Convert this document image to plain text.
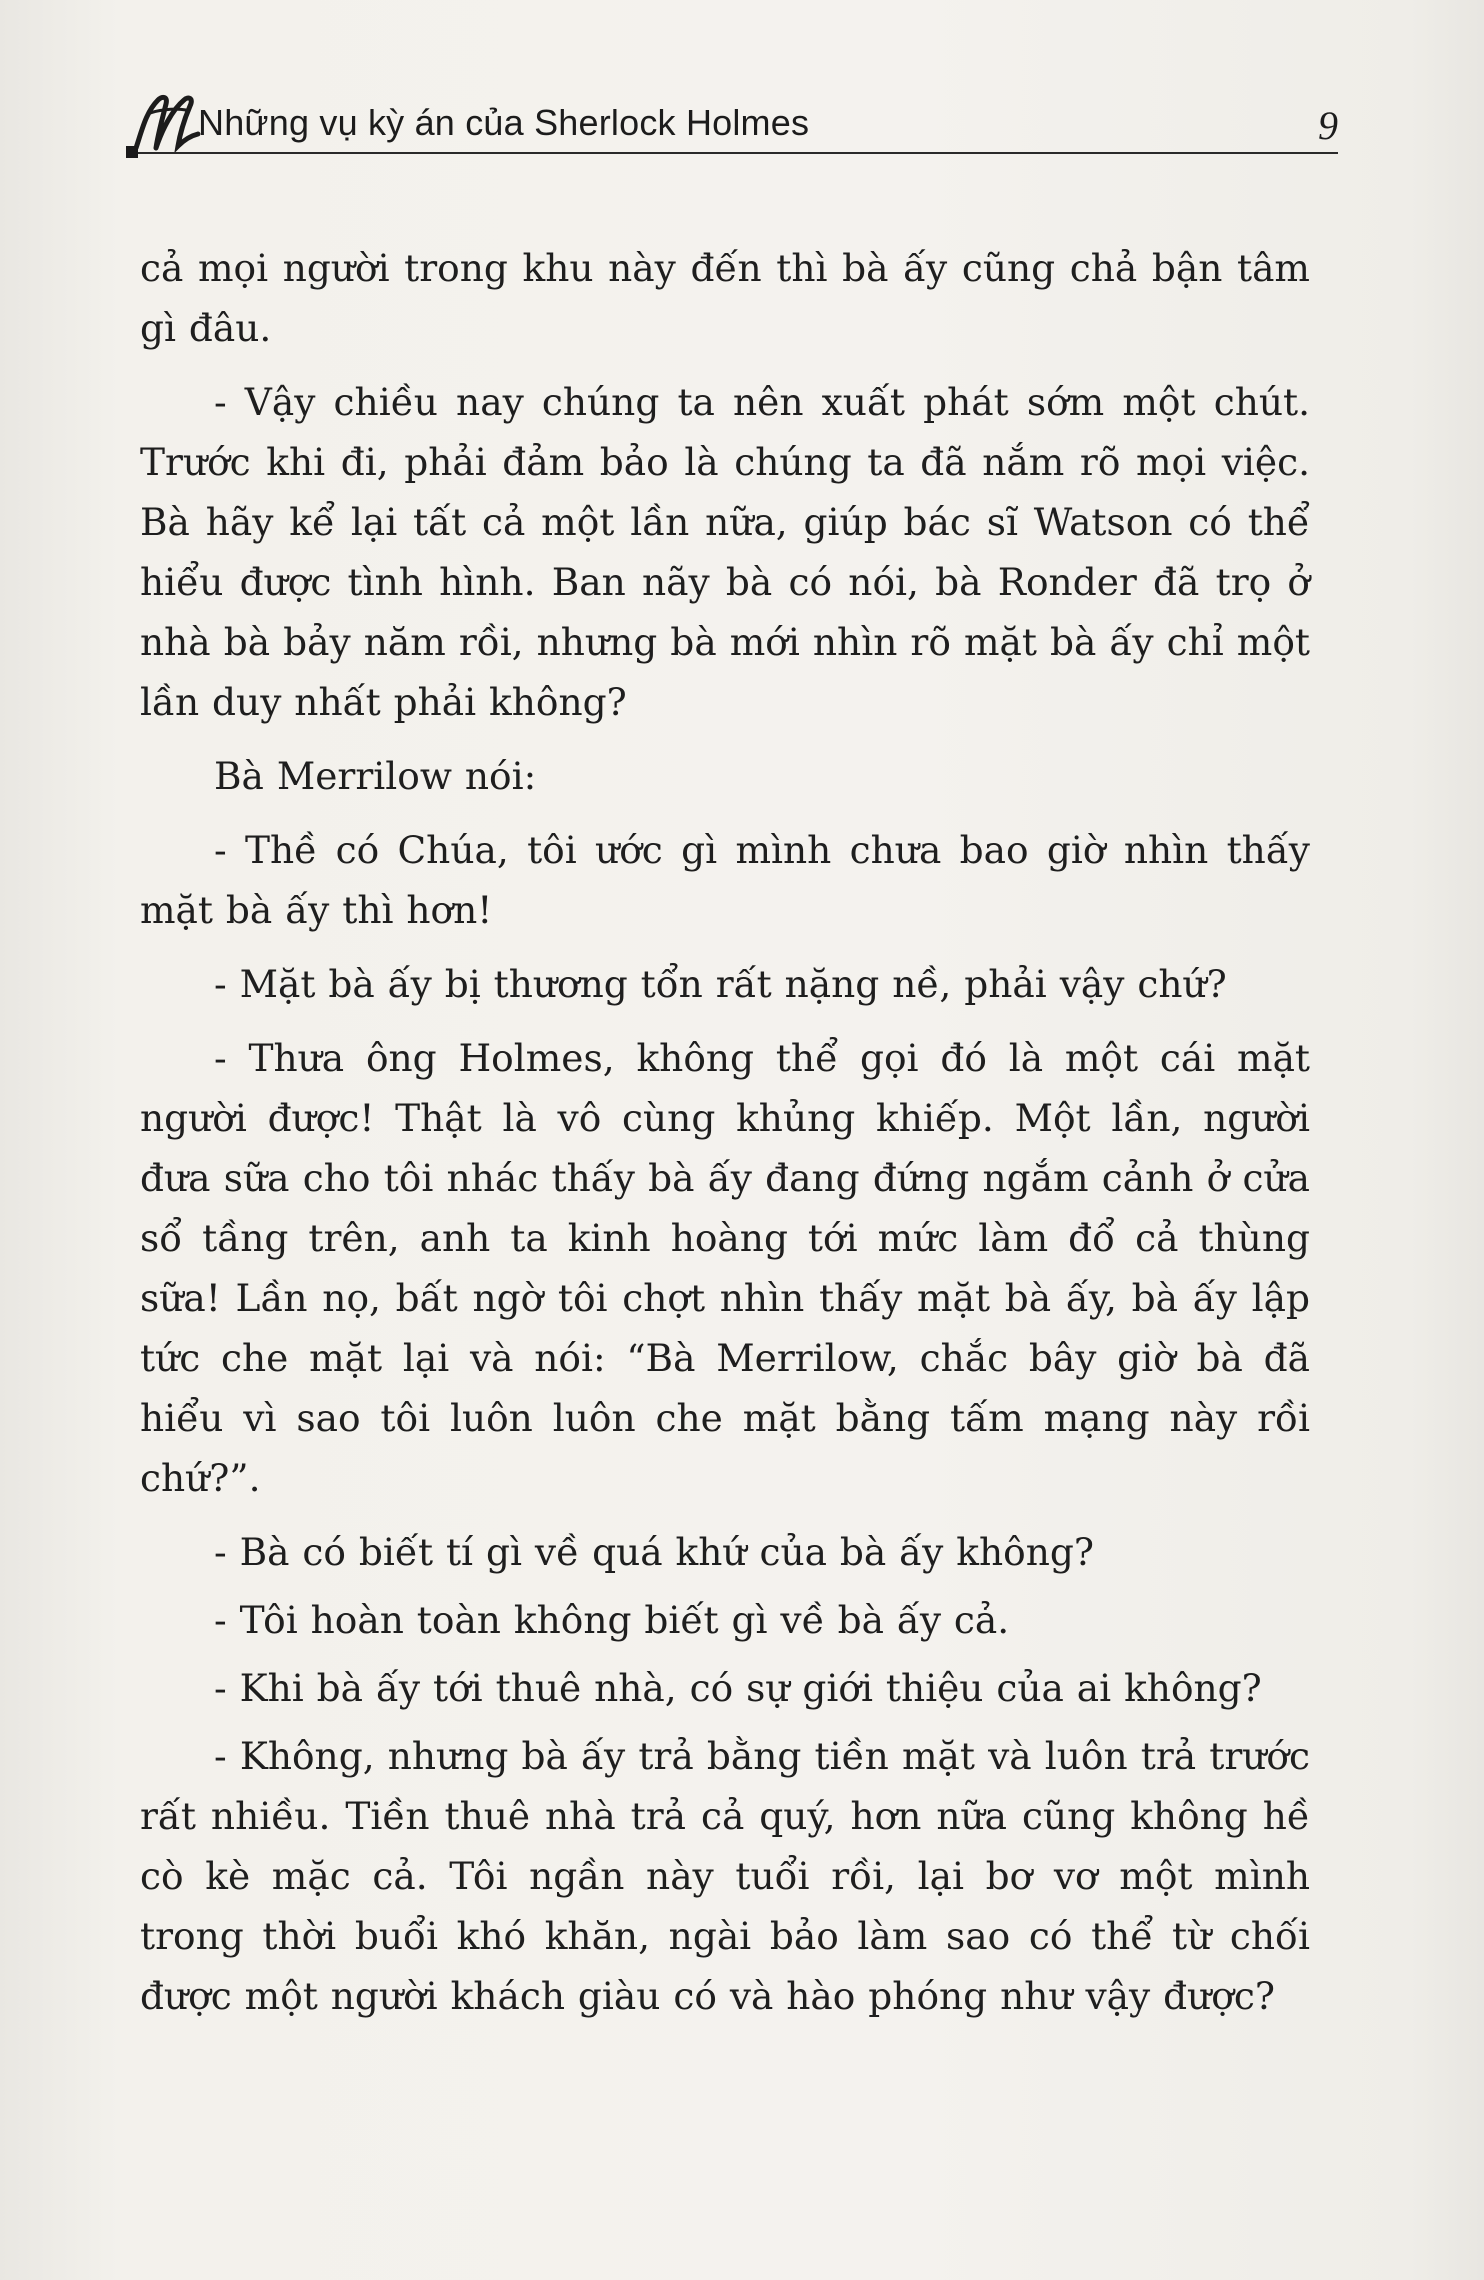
Những vụ kỳ án của Sherlock Holmes	9

cả mọi người trong khu này đến thì bà ấy cũng chả bận tâm gì đâu.

- Vậy chiều nay chúng ta nên xuất phát sớm một chút. Trước khi đi, phải đảm bảo là chúng ta đã nắm rõ mọi việc. Bà hãy kể lại tất cả một lần nữa, giúp bác sĩ Watson có thể hiểu được tình hình. Ban nãy bà có nói, bà Ronder đã trọ ở nhà bà bảy năm rồi, nhưng bà mới nhìn rõ mặt bà ấy chỉ một lần duy nhất phải không?

Bà Merrilow nói:

- Thề có Chúa, tôi ước gì mình chưa bao giờ nhìn thấy mặt bà ấy thì hơn!

- Mặt bà ấy bị thương tổn rất nặng nề, phải vậy chứ?

- Thưa ông Holmes, không thể gọi đó là một cái mặt người được! Thật là vô cùng khủng khiếp. Một lần, người đưa sữa cho tôi nhác thấy bà ấy đang đứng ngắm cảnh ở cửa sổ tầng trên, anh ta kinh hoàng tới mức làm đổ cả thùng sữa! Lần nọ, bất ngờ tôi chợt nhìn thấy mặt bà ấy, bà ấy lập tức che mặt lại và nói: “Bà Merrilow, chắc bây giờ bà đã hiểu vì sao tôi luôn luôn che mặt bằng tấm mạng này rồi chứ?”.

- Bà có biết tí gì về quá khứ của bà ấy không?

- Tôi hoàn toàn không biết gì về bà ấy cả.

- Khi bà ấy tới thuê nhà, có sự giới thiệu của ai không?

- Không, nhưng bà ấy trả bằng tiền mặt và luôn trả trước rất nhiều. Tiền thuê nhà trả cả quý, hơn nữa cũng không hề cò kè mặc cả. Tôi ngần này tuổi rồi, lại bơ vơ một mình trong thời buổi khó khăn, ngài bảo làm sao có thể từ chối được một người khách giàu có và hào phóng như vậy được?
